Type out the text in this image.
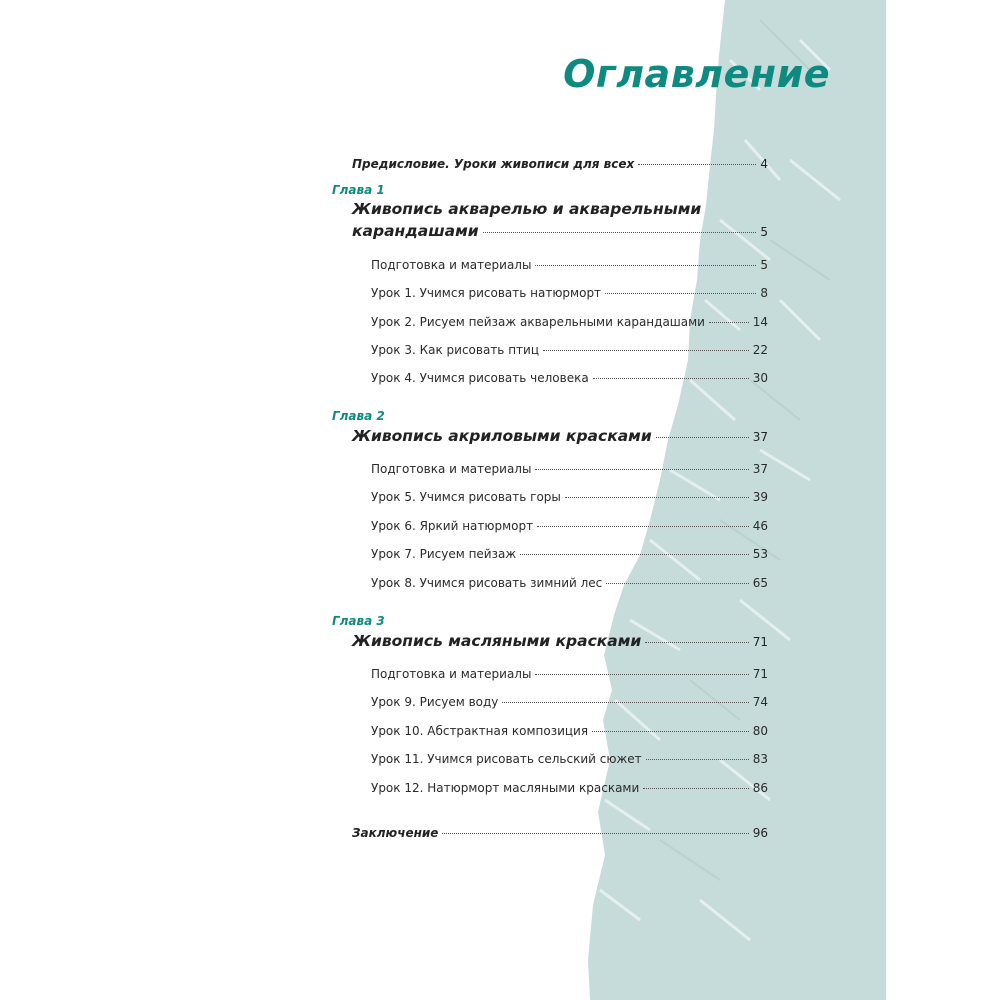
Оглавление
Предисловие. Уроки живописи для всех	4
Глава 1
Живопись акварелью и акварельными
карандашами	5
Подготовка и материалы	5
Урок 1. Учимся рисовать натюрморт	8
Урок 2. Рисуем пейзаж акварельными карандашами	14
Урок 3. Как рисовать птиц	22
Урок 4. Учимся рисовать человека	30
Глава 2
Живопись акриловыми красками	37
Подготовка и материалы	37
Урок 5. Учимся рисовать горы	39
Урок 6. Яркий натюрморт	46
Урок 7. Рисуем пейзаж	53
Урок 8. Учимся рисовать зимний лес	65
Глава 3
Живопись масляными красками	71
Подготовка и материалы	71
Урок 9. Рисуем воду	74
Урок 10. Абстрактная композиция	80
Урок 11. Учимся рисовать сельский сюжет	83
Урок 12. Натюрморт масляными красками	86
Заключение	96
